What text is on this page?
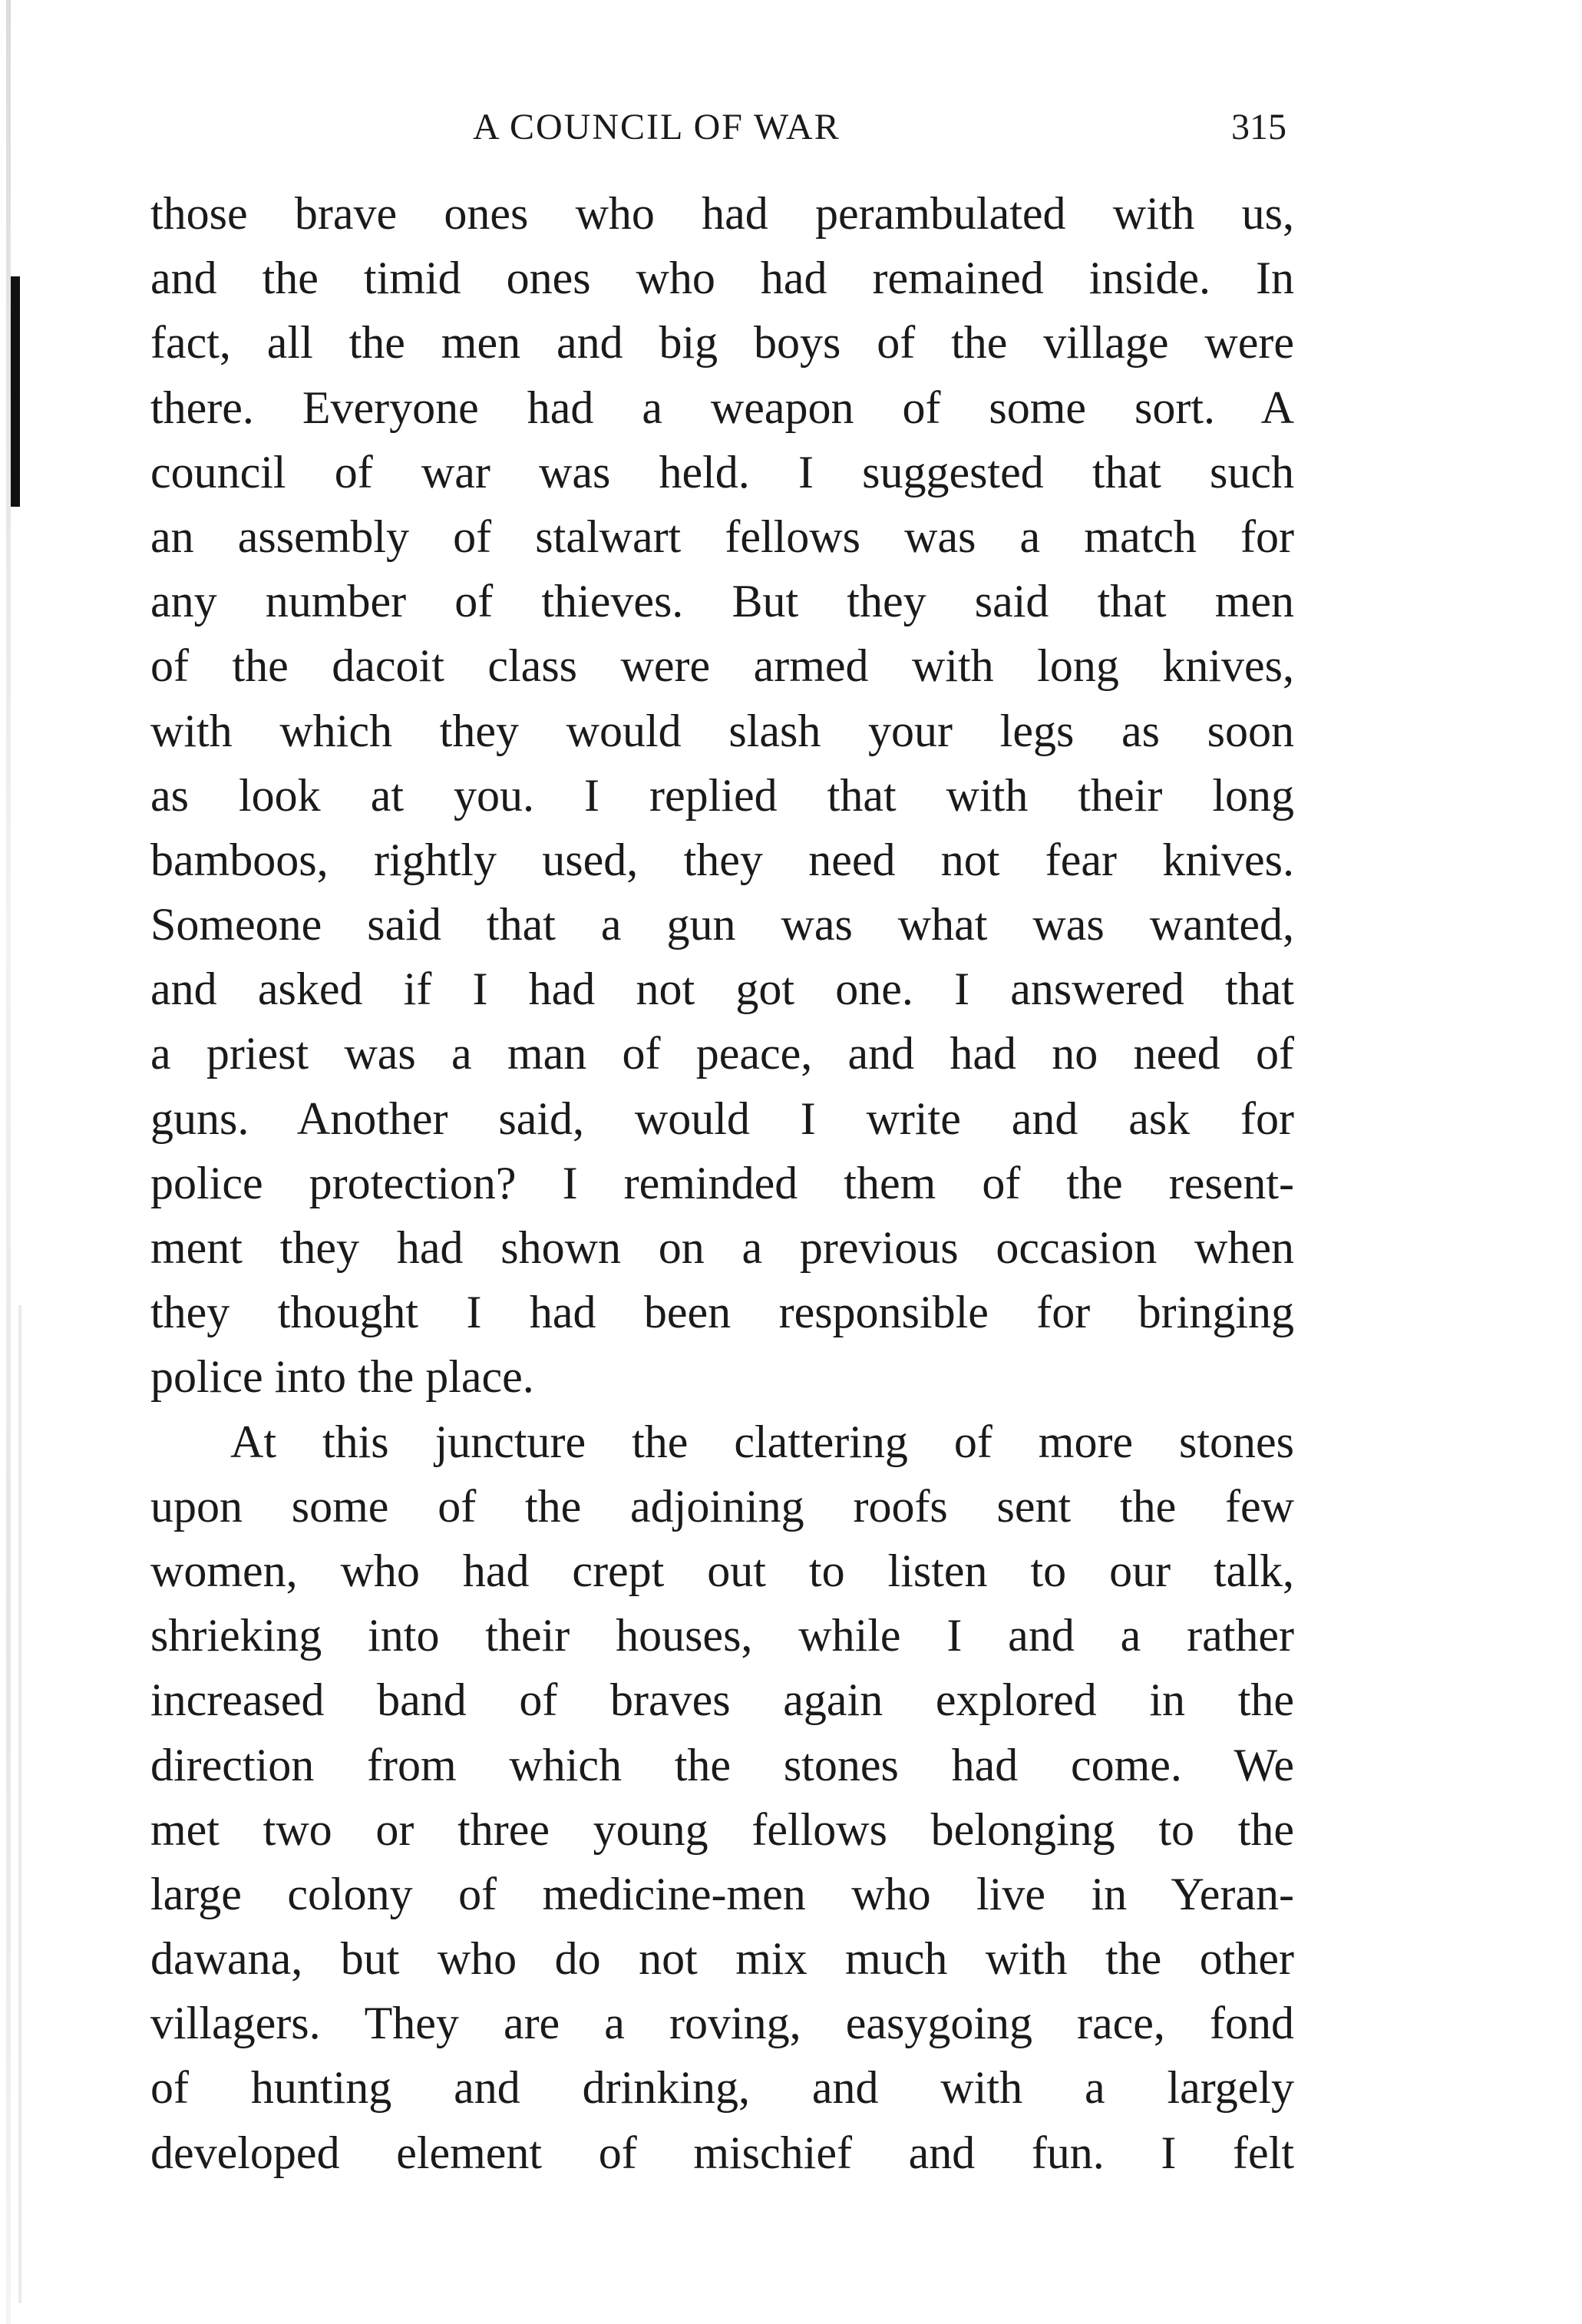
A COUNCIL OF WAR	315
those brave ones who had perambulated with us,
and the timid ones who had remained inside. In
fact, all the men and big boys of the village were
there. Everyone had a weapon of some sort. A
council of war was held. I suggested that such
an assembly of stalwart fellows was a match for
any number of thieves. But they said that men
of the dacoit class were armed with long knives,
with which they would slash your legs as soon
as look at you. I replied that with their long
bamboos, rightly used, they need not fear knives.
Someone said that a gun was what was wanted,
and asked if I had not got one. I answered that
a priest was a man of peace, and had no need of
guns. Another said, would I write and ask for
police protection? I reminded them of the resent-
ment they had shown on a previous occasion when
they thought I had been responsible for bringing
police into the place.
At this juncture the clattering of more stones
upon some of the adjoining roofs sent the few
women, who had crept out to listen to our talk,
shrieking into their houses, while I and a rather
increased band of braves again explored in the
direction from which the stones had come. We
met two or three young fellows belonging to the
large colony of medicine-men who live in Yeran-
dawana, but who do not mix much with the other
villagers. They are a roving, easygoing race, fond
of hunting and drinking, and with a largely
developed element of mischief and fun. I felt
